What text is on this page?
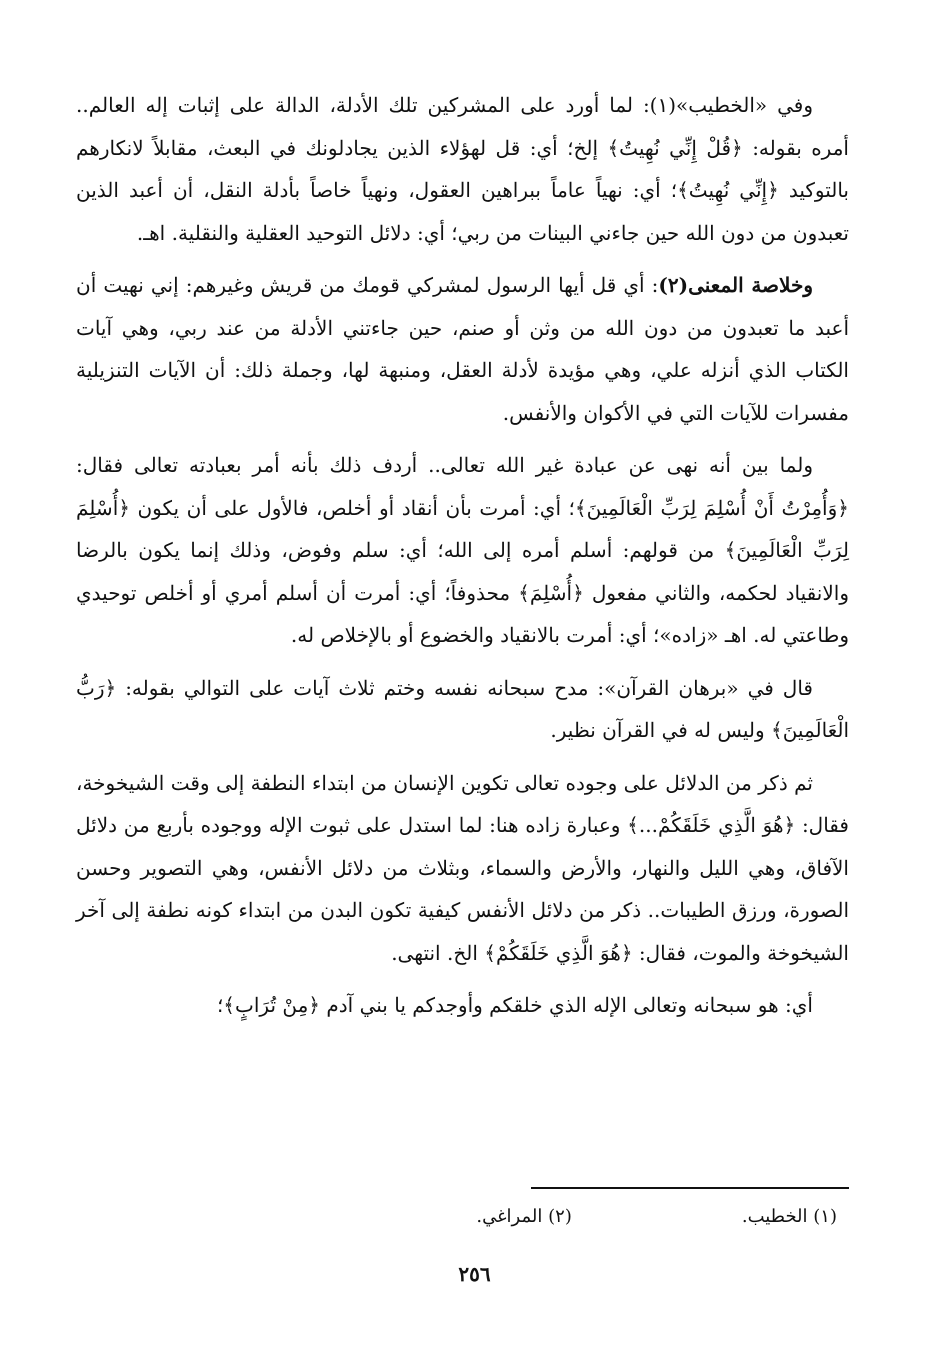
وفي «الخطيب»(١): لما أورد على المشركين تلك الأدلة، الدالة على إثبات إله العالم.. أمره بقوله: ﴿قُلْ إِنِّي نُهِيتُ﴾ إلخ؛ أي: قل لهؤلاء الذين يجادلونك في البعث، مقابلاً لانكارهم بالتوكيد ﴿إِنِّي نُهِيتُ﴾؛ أي: نهياً عاماً ببراهين العقول، ونهياً خاصاً بأدلة النقل، أن أعبد الذين تعبدون من دون الله حين جاءني البينات من ربي؛ أي: دلائل التوحيد العقلية والنقلية. اهـ.

وخلاصة المعنى(٢): أي قل أيها الرسول لمشركي قومك من قريش وغيرهم: إني نهيت أن أعبد ما تعبدون من دون الله من وثن أو صنم، حين جاءتني الأدلة من عند ربي، وهي آيات الكتاب الذي أنزله علي، وهي مؤيدة لأدلة العقل، ومنبهة لها، وجملة ذلك: أن الآيات التنزيلية مفسرات للآيات التي في الأكوان والأنفس.

ولما بين أنه نهى عن عبادة غير الله تعالى.. أردف ذلك بأنه أمر بعبادته تعالى فقال: ﴿وَأُمِرْتُ أَنْ أُسْلِمَ لِرَبِّ الْعَالَمِينَ﴾؛ أي: أمرت بأن أنقاد أو أخلص، فالأول على أن يكون ﴿أُسْلِمَ لِرَبِّ الْعَالَمِينَ﴾ من قولهم: أسلم أمره إلى الله؛ أي: سلم وفوض، وذلك إنما يكون بالرضا والانقياد لحكمه، والثاني مفعول ﴿أُسْلِمَ﴾ محذوفاً؛ أي: أمرت أن أسلم أمري أو أخلص توحيدي وطاعتي له. اهـ «زاده»؛ أي: أمرت بالانقياد والخضوع أو بالإخلاص له.

قال في «برهان القرآن»: مدح سبحانه نفسه وختم ثلاث آيات على التوالي بقوله: ﴿رَبُّ الْعَالَمِينَ﴾ وليس له في القرآن نظير.

ثم ذكر من الدلائل على وجوده تعالى تكوين الإنسان من ابتداء النطفة إلى وقت الشيخوخة، فقال: ﴿هُوَ الَّذِي خَلَقَكُمْ...﴾ وعبارة زاده هنا: لما استدل على ثبوت الإله ووجوده بأربع من دلائل الآفاق، وهي الليل والنهار، والأرض والسماء، وبثلاث من دلائل الأنفس، وهي التصوير وحسن الصورة، ورزق الطيبات.. ذكر من دلائل الأنفس كيفية تكون البدن من ابتداء كونه نطفة إلى آخر الشيخوخة والموت، فقال: ﴿هُوَ الَّذِي خَلَقَكُمْ﴾ الخ. انتهى.

أي: هو سبحانه وتعالى الإله الذي خلقكم وأوجدكم يا بني آدم ﴿مِنْ تُرَابٍ﴾؛

(١) الخطيب.
(٢) المراغي.
٢٥٦
